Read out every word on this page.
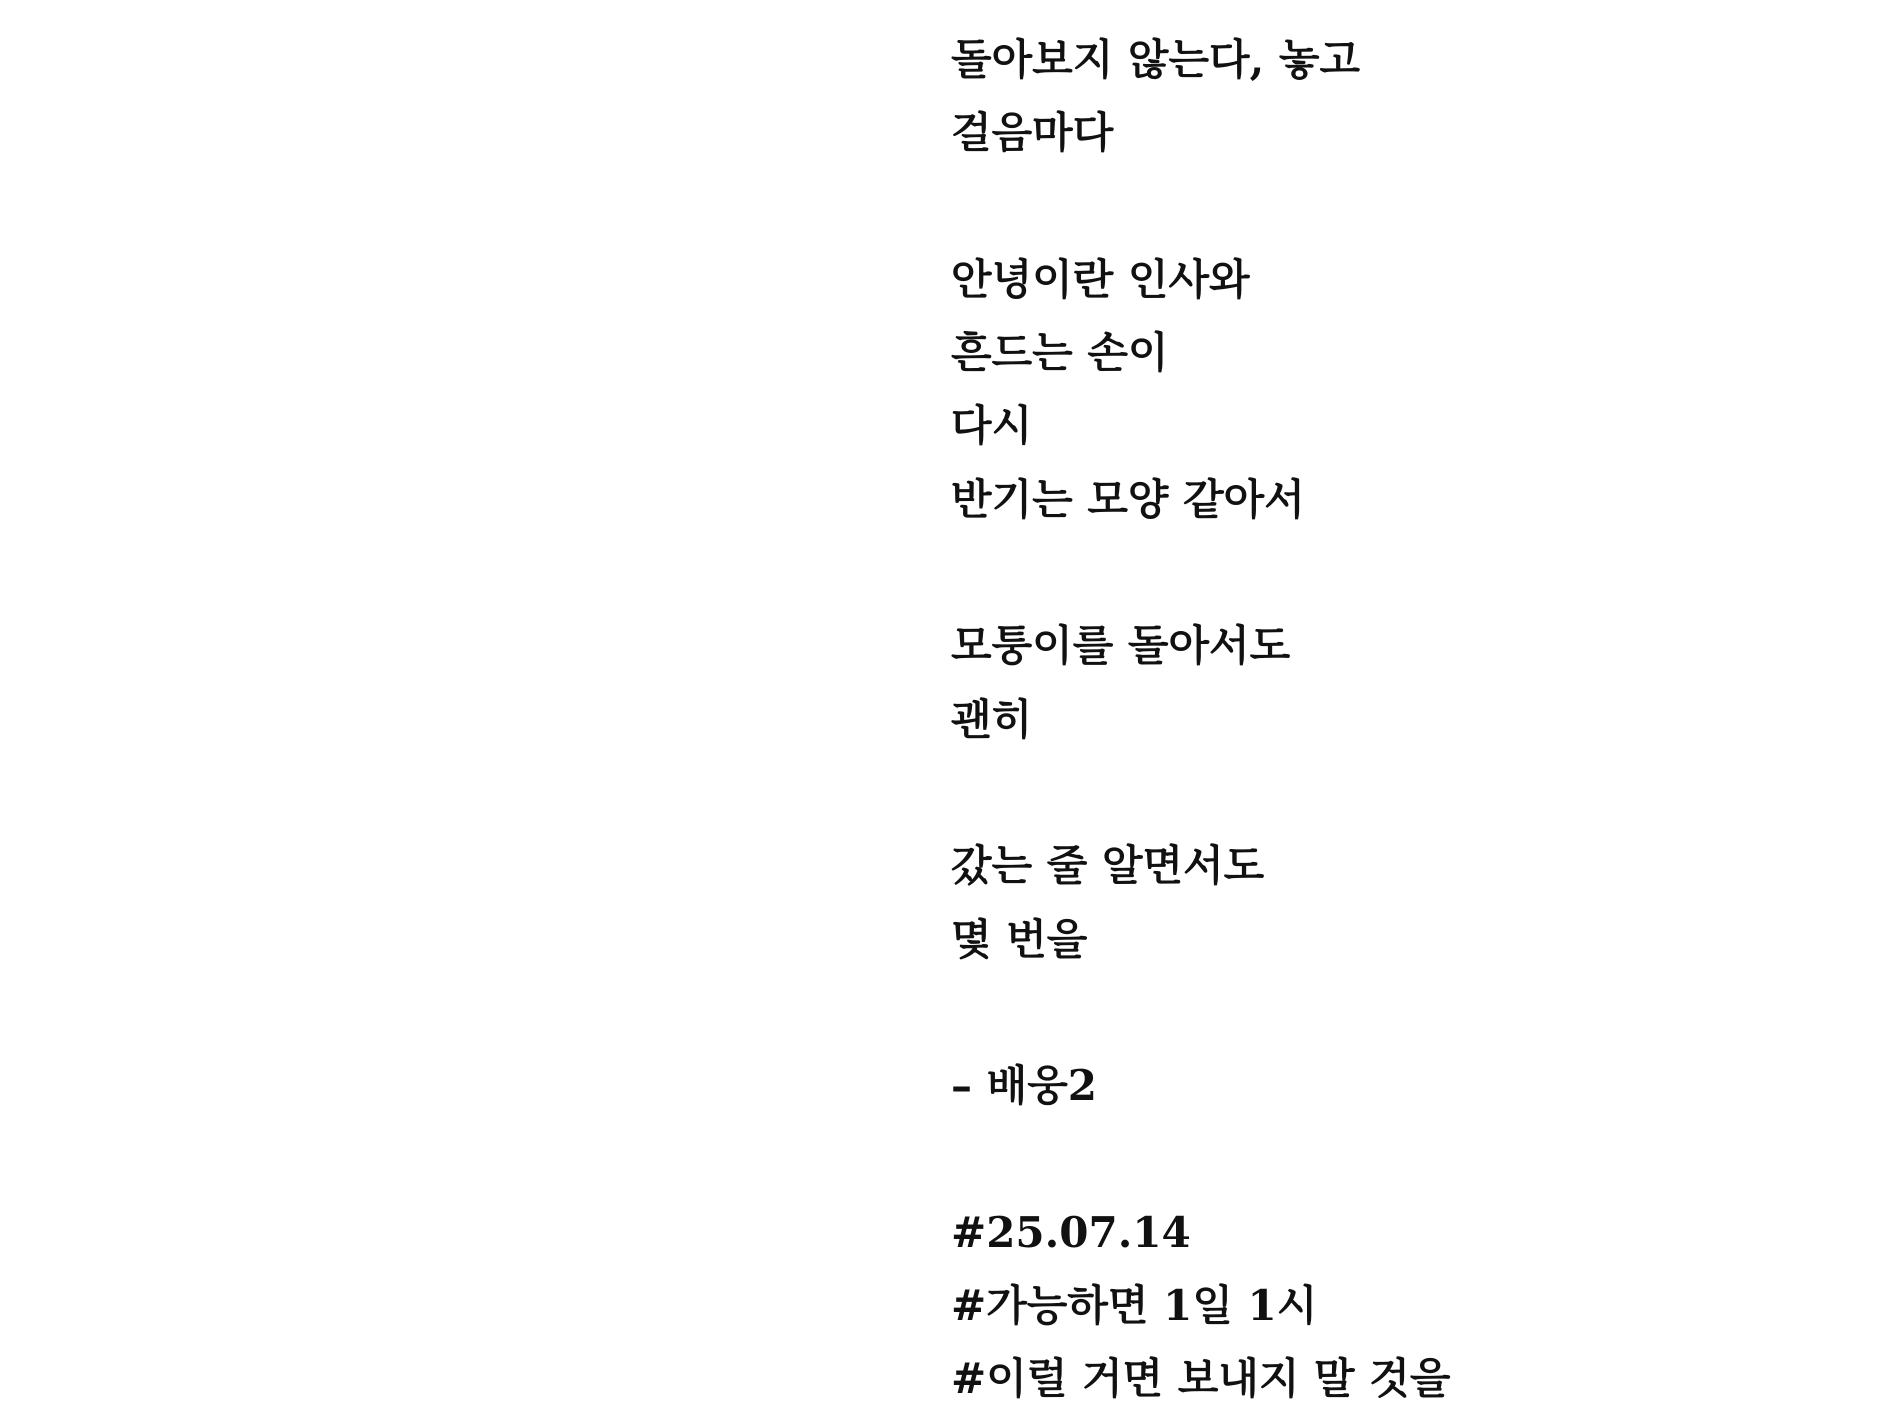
돌아보지 않는다, 놓고
걸음마다
안녕이란 인사와
흔드는 손이
다시
반기는 모양 같아서
모퉁이를 돌아서도
괜히
갔는 줄 알면서도
몇 번을
– 배웅2
#25.07.14
#가능하면 1일 1시
#이럴 거면 보내지 말 것을
